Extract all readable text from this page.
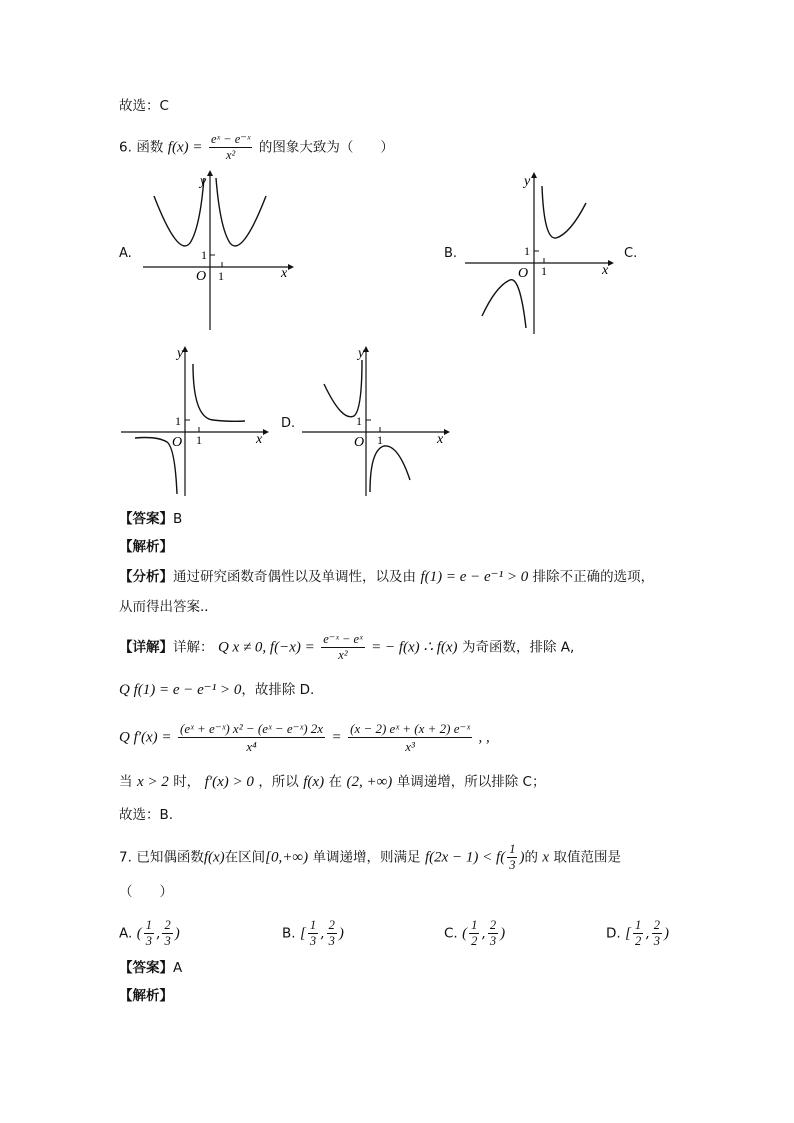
故选：C
6. 函数 $f(x) = \frac{\text{eˣ − e⁻ˣ}}{\text{x²}}$ 的图象大致为（　　）
A.
y
x
O
1
1
B.
y
x
O
1
1
C.
y
x
O
1
1
D.
y
x
O
1
1
【答案】B
【解析】
【分析】通过研究函数奇偶性以及单调性，以及由 f(1) = e − e⁻¹ > 0 排除不正确的选项，
从而得出答案.．
【详解】详解： Q x ≠ 0, $f(-x) = \frac{\text{e⁻ˣ − eˣ}}{\text{x²}}$ = − f(x) ∴ f(x) 为奇函数，排除 A,
Q f(1) = e − e⁻¹ > 0，故排除 D.
Q $f'(x) = \frac{\text{(eˣ + e⁻ˣ) x² − (eˣ − e⁻ˣ) 2x}}{\text{x⁴}} = \frac{\text{(x − 2) eˣ + (x + 2) e⁻ˣ}}{\text{x³}}$ , ,
当 x > 2 时， f′(x) > 0 ，所以 f(x) 在 (2, +∞) 单调递增，所以排除 C；
故选：B.
7. 已知偶函数f(x)在区间[0,+∞) 单调递增，则满足 $f(2x - 1) < f( \frac{1}{3}$ )的 x 取值范围是
（　　）
A. ( $\frac{1}{3}$ , $\frac{2}{3}$ )	B. [ $\frac{1}{3}$ , $\frac{2}{3}$ )	C. ( $\frac{1}{2}$ , $\frac{2}{3}$ )	D. [ $\frac{1}{2}$ , $\frac{2}{3}$ )
【答案】A
【解析】
